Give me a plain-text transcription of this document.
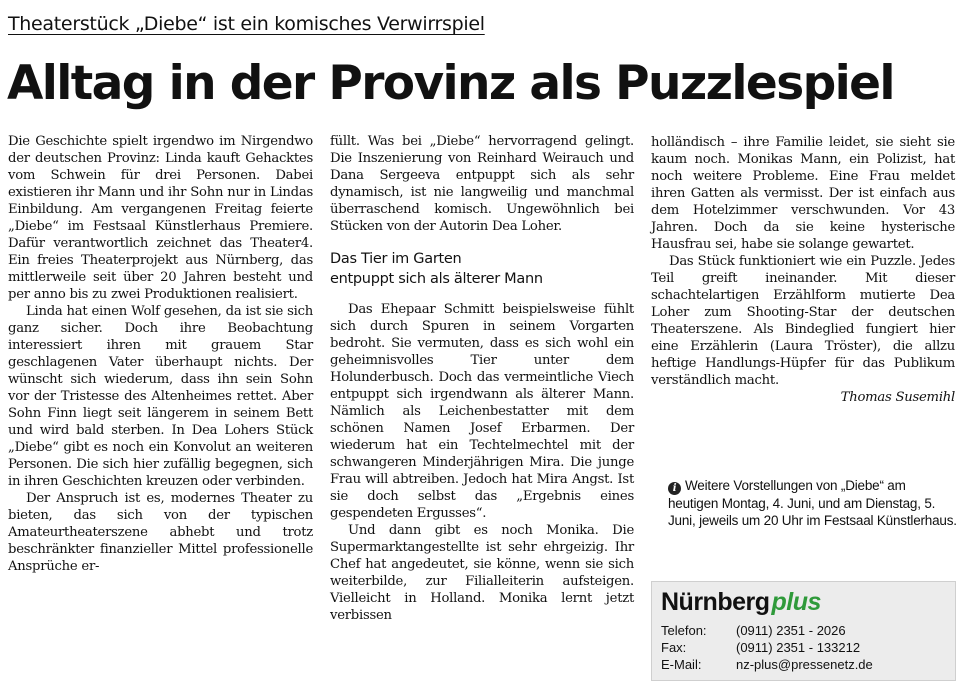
Theaterstück „Diebe“ ist ein komisches Verwirrspiel
Alltag in der Provinz als Puzzlespiel

Die Geschichte spielt irgendwo im Nirgendwo der deutschen Provinz: Linda kauft Gehacktes vom Schwein für drei Personen. Dabei existieren ihr Mann und ihr Sohn nur in Lindas Einbildung. Am vergangenen Freitag feierte „Diebe“ im Festsaal Künstlerhaus Premiere. Dafür verantwortlich zeichnet das Theater4. Ein freies Theaterprojekt aus Nürnberg, das mittlerweile seit über 20 Jahren besteht und per anno bis zu zwei Produktionen realisiert.

Linda hat einen Wolf gesehen, da ist sie sich ganz sicher. Doch ihre Beobachtung interessiert ihren mit grauem Star geschlagenen Vater überhaupt nichts. Der wünscht sich wiederum, dass ihn sein Sohn vor der Tristesse des Altenheimes rettet. Aber Sohn Finn liegt seit längerem in seinem Bett und wird bald sterben. In Dea Lohers Stück „Diebe“ gibt es noch ein Konvolut an weiteren Personen. Die sich hier zufällig begegnen, sich in ihren Geschichten kreuzen oder verbinden.

Der Anspruch ist es, modernes Theater zu bieten, das sich von der typischen Amateurtheaterszene abhebt und trotz beschränkter finanzieller Mittel professionelle Ansprüche er-

füllt. Was bei „Diebe“ hervorragend gelingt. Die Inszenierung von Reinhard Weirauch und Dana Sergeeva entpuppt sich als sehr dynamisch, ist nie langweilig und manchmal überraschend komisch. Ungewöhnlich bei Stücken von der Autorin Dea Loher.

Das Tier im Garten
entpuppt sich als älterer Mann

Das Ehepaar Schmitt beispielsweise fühlt sich durch Spuren in seinem Vorgarten bedroht. Sie vermuten, dass es sich wohl ein geheimnisvolles Tier unter dem Holunderbusch. Doch das vermeintliche Viech entpuppt sich irgendwann als älterer Mann. Nämlich als Leichenbestatter mit dem schönen Namen Josef Erbarmen. Der wiederum hat ein Techtelmechtel mit der schwangeren Minderjährigen Mira. Die junge Frau will abtreiben. Jedoch hat Mira Angst. Ist sie doch selbst das „Ergebnis eines gespendeten Ergusses“.

Und dann gibt es noch Monika. Die Supermarktangestellte ist sehr ehrgeizig. Ihr Chef hat angedeutet, sie könne, wenn sie sich weiterbilde, zur Filialleiterin aufsteigen. Vielleicht in Holland. Monika lernt jetzt verbissen

holländisch – ihre Familie leidet, sie sieht sie kaum noch. Monikas Mann, ein Polizist, hat noch weitere Probleme. Eine Frau meldet ihren Gatten als vermisst. Der ist einfach aus dem Hotelzimmer verschwunden. Vor 43 Jahren. Doch da sie keine hysterische Hausfrau sei, habe sie solange gewartet.

Das Stück funktioniert wie ein Puzzle. Jedes Teil greift ineinander. Mit dieser schachtelartigen Erzählform mutierte Dea Loher zum Shooting-Star der deutschen Theaterszene. Als Bindeglied fungiert hier eine Erzählerin (Laura Tröster), die allzu heftige Handlungs-Hüpfer für das Publikum verständlich macht.

Thomas Susemihl

i Weitere Vorstellungen von „Diebe“ am heutigen Montag, 4. Juni, und am Dienstag, 5. Juni, jeweils um 20 Uhr im Festsaal Künstlerhaus.
Nürnbergplus
Telefon:	(0911) 2351 - 2026
Fax:	(0911) 2351 - 133212
E-Mail:	nz-plus@pressenetz.de
